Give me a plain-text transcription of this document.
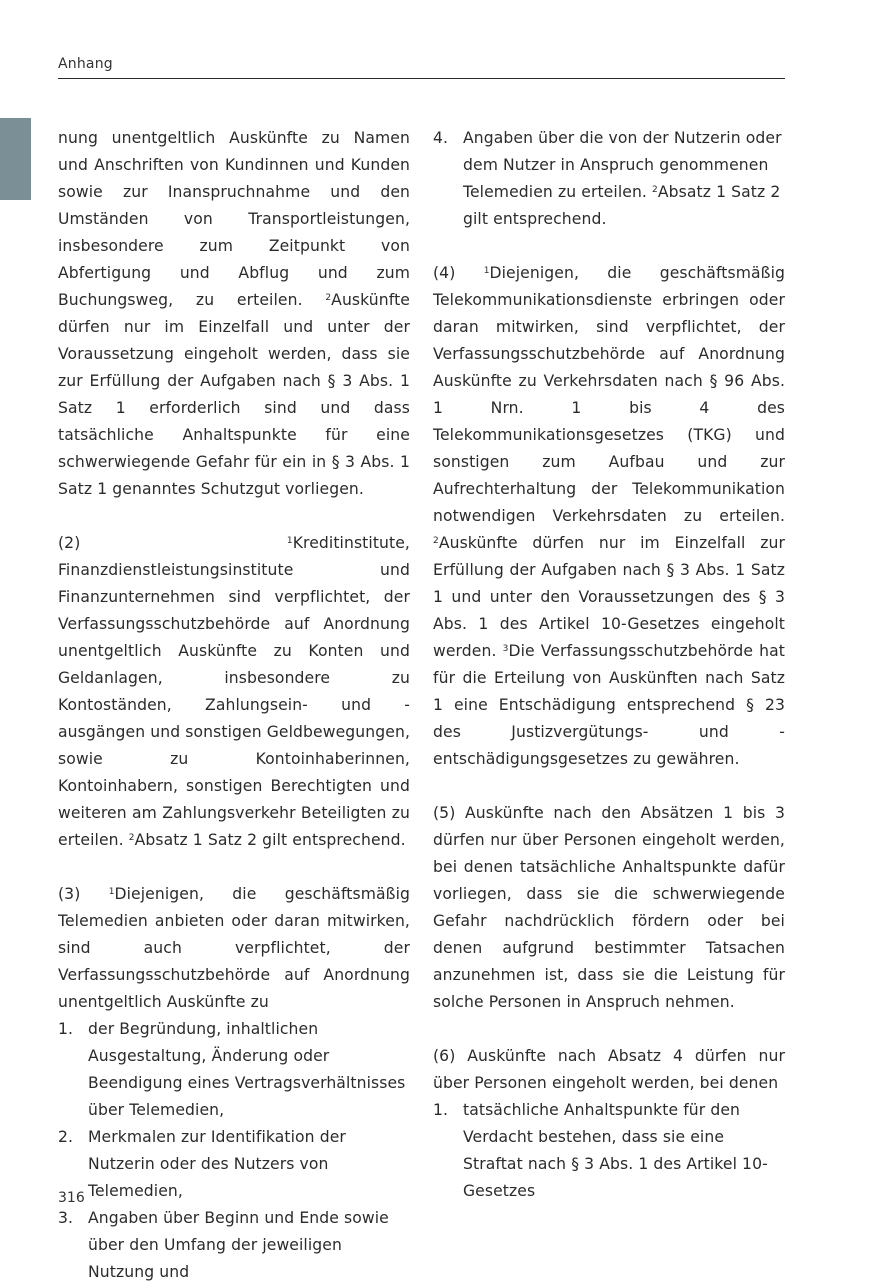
Anhang

nung unentgeltlich Auskünfte zu Namen und Anschriften von Kundinnen und Kunden sowie zur Inanspruchnahme und den Umständen von Transportleistungen, insbesondere zum Zeitpunkt von Abfertigung und Abflug und zum Buchungsweg, zu erteilen.	$^2$Auskünfte dürfen nur im Einzelfall und unter der Voraussetzung eingeholt werden, dass sie zur Erfüllung der Aufgaben nach § 3 Abs. 1 Satz 1 erforderlich sind und dass tatsächliche Anhaltspunkte für eine schwerwiegende Gefahr für ein in § 3 Abs. 1 Satz 1 genanntes Schutzgut vorliegen.

(2) $^1$Kreditinstitute, Finanzdienstleistungsinstitute und Finanzunternehmen sind verpflichtet, der Verfassungsschutzbehörde auf Anordnung unentgeltlich Auskünfte zu Konten und Geldanlagen, insbesondere zu Kontoständen, Zahlungsein- und -ausgängen und sonstigen Geldbewegungen, sowie zu Kontoinhaberinnen, Kontoinhabern, sonstigen Berechtigten und weiteren am Zahlungsverkehr Beteiligten zu erteilen. $^2$Absatz 1 Satz 2 gilt entsprechend.

(3) $^1$Diejenigen, die geschäftsmäßig Telemedien anbieten oder daran mitwirken, sind auch verpflichtet, der Verfassungsschutzbehörde auf Anordnung unentgeltlich Auskünfte zu

1. der Begründung, inhaltlichen Ausgestaltung, Änderung oder Beendigung eines Vertragsverhältnisses über Telemedien,
2. Merkmalen zur Identifikation der Nutzerin oder des Nutzers von Telemedien,
3. Angaben über Beginn und Ende sowie über den Umfang der jeweiligen Nutzung und
4. Angaben über die von der Nutzerin oder dem Nutzer in Anspruch genommenen Telemedien zu erteilen. $^2$Absatz 1 Satz 2 gilt entsprechend.

(4) $^1$Diejenigen, die geschäftsmäßig Telekommunikationsdienste erbringen oder daran mitwirken, sind verpflichtet, der Verfassungsschutzbehörde auf Anordnung Auskünfte zu Verkehrsdaten nach § 96 Abs. 1 Nrn. 1 bis 4 des Telekommunikationsgesetzes (TKG) und sonstigen zum Aufbau und zur Aufrechterhaltung der Telekommunikation notwendigen Verkehrsdaten zu erteilen. $^2$Auskünfte dürfen nur im Einzelfall zur Erfüllung der Aufgaben nach § 3 Abs. 1 Satz 1 und unter den Voraussetzungen des § 3 Abs. 1 des Artikel 10-Gesetzes eingeholt werden. $^3$Die Verfassungsschutzbehörde hat für die Erteilung von Auskünften nach Satz 1 eine Entschädigung entsprechend § 23 des Justizvergütungs- und -entschädigungsgesetzes zu gewähren.

(5) Auskünfte nach den Absätzen 1 bis 3 dürfen nur über Personen eingeholt werden, bei denen tatsächliche Anhaltspunkte dafür vorliegen, dass sie die schwerwiegende Gefahr nachdrücklich fördern oder bei denen aufgrund bestimmter Tatsachen anzunehmen ist, dass sie die Leistung für solche Personen in Anspruch nehmen.

(6) Auskünfte nach Absatz 4 dürfen nur über Personen eingeholt werden, bei denen

1. tatsächliche Anhaltspunkte für den Verdacht bestehen, dass sie eine Straftat nach § 3 Abs. 1 des Artikel 10-Gesetzes
316
